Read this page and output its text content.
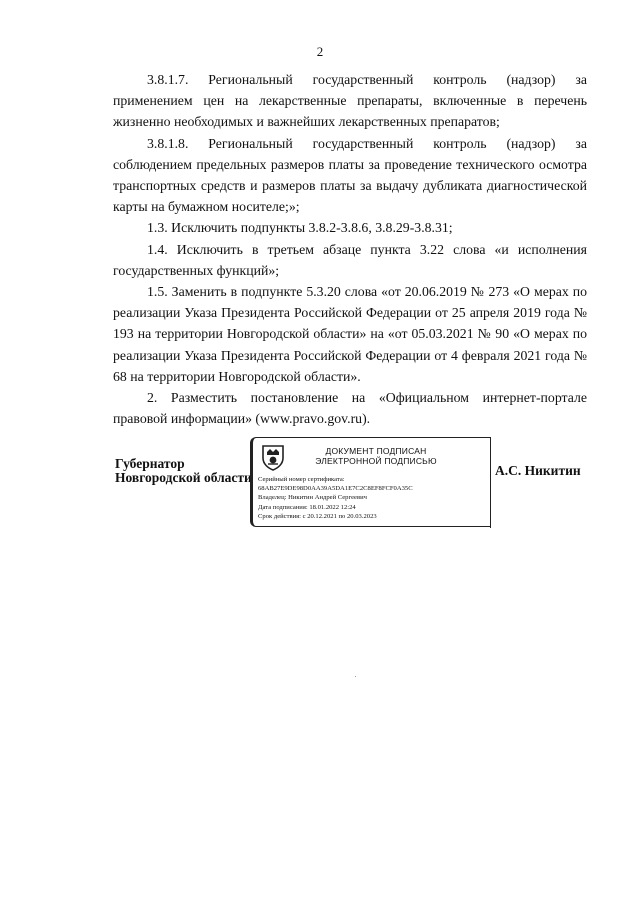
2

3.8.1.7. Региональный государственный контроль (надзор) за применением цен на лекарственные препараты, включенные в перечень жизненно необходимых и важнейших лекарственных препаратов;

3.8.1.8. Региональный государственный контроль (надзор) за соблюдением предельных размеров платы за проведение технического осмотра транспортных средств и размеров платы за выдачу дубликата диагностической карты на бумажном носителе;»;

1.3. Исключить подпункты 3.8.2-3.8.6, 3.8.29-3.8.31;

1.4. Исключить в третьем абзаце пункта 3.22 слова «и исполнения государственных функций»;

1.5. Заменить в подпункте 5.3.20 слова «от 20.06.2019 № 273 «О мерах по реализации Указа Президента Российской Федерации от 25 апреля 2019 года № 193 на территории Новгородской области» на «от 05.03.2021 № 90 «О мерах по реализации Указа Президента Российской Федерации от 4 февраля 2021 года № 68 на территории Новгородской области».

2. Разместить постановление на «Официальном интернет-портале правовой информации» (www.pravo.gov.ru).

Губернатор
Новгородской области
ДОКУМЕНТ ПОДПИСАН
ЭЛЕКТРОННОЙ ПОДПИСЬЮ
Серийный номер сертификата:
68AB27E9DE98D0AA39A5DA1E7C2C8EF8FCF0A35C
Владелец: Никитин Андрей Сергеевич
Дата подписания: 18.01.2022 12:24
Срок действия: с 20.12.2021 по 20.03.2023
А.С. Никитин
